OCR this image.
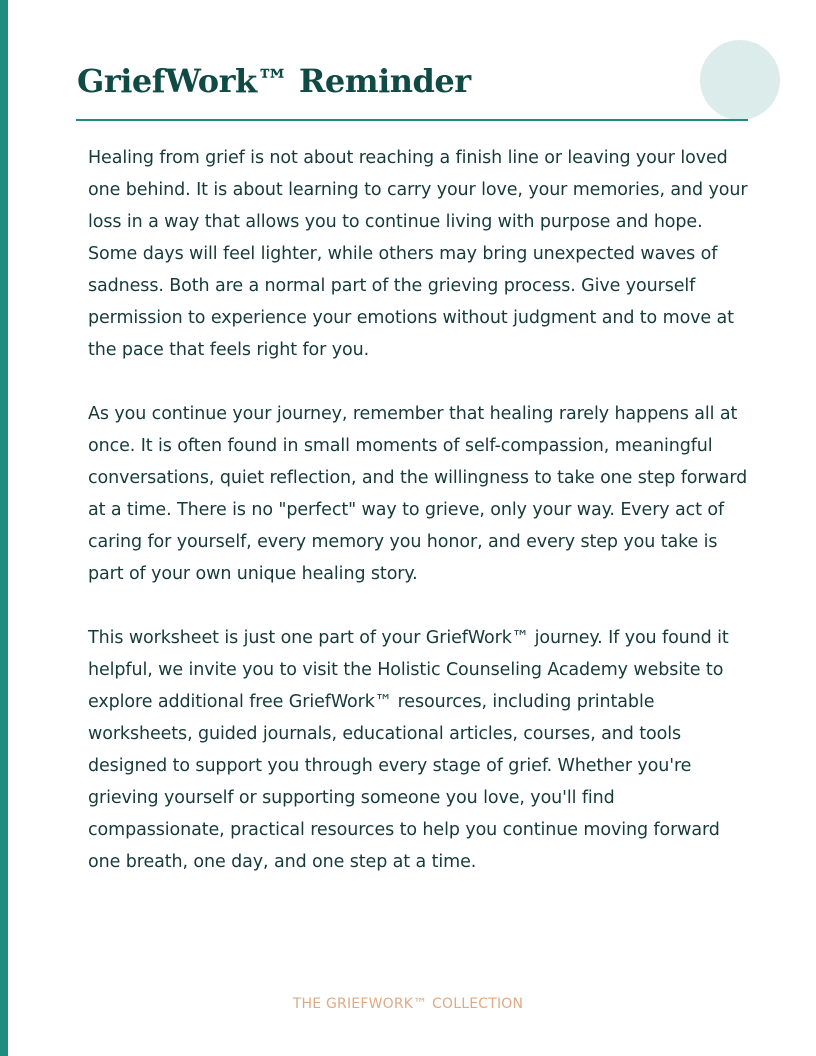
GriefWork™ Reminder

Healing from grief is not about reaching a finish line or leaving your loved one behind. It is about learning to carry your love, your memories, and your loss in a way that allows you to continue living with purpose and hope. Some days will feel lighter, while others may bring unexpected waves of sadness. Both are a normal part of the grieving process. Give yourself permission to experience your emotions without judgment and to move at the pace that feels right for you.

As you continue your journey, remember that healing rarely happens all at once. It is often found in small moments of self-compassion, meaningful conversations, quiet reflection, and the willingness to take one step forward at a time. There is no "perfect" way to grieve, only your way. Every act of caring for yourself, every memory you honor, and every step you take is part of your own unique healing story.

This worksheet is just one part of your GriefWork™ journey. If you found it helpful, we invite you to visit the Holistic Counseling Academy website to explore additional free GriefWork™ resources, including printable worksheets, guided journals, educational articles, courses, and tools designed to support you through every stage of grief. Whether you're grieving yourself or supporting someone you love, you'll find compassionate, practical resources to help you continue moving forward one breath, one day, and one step at a time.

THE GRIEFWORK™ COLLECTION
